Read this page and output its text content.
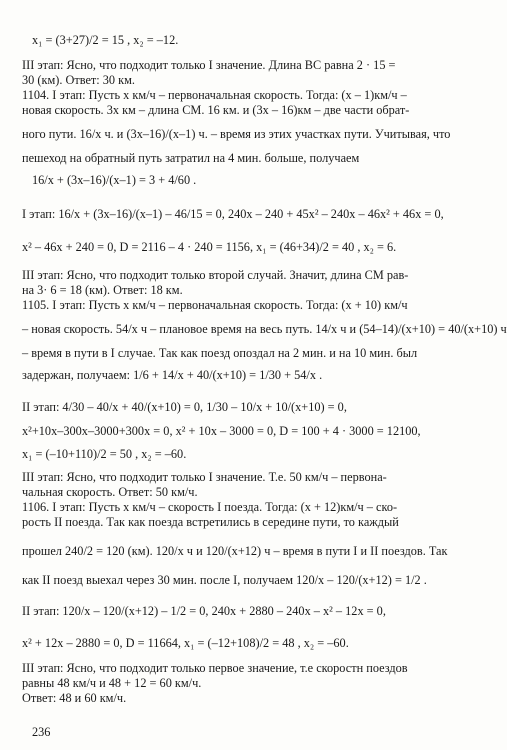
x₁ = (3+27)/2 = 15 , x₂ = –12.
III этап: Ясно, что подходит только I значение. Длина ВС равна 2 · 15 =
30 (км). Ответ: 30 км.
1104. I этап: Пусть x км/ч – первоначальная скорость. Тогда: (x – 1)км/ч –
новая скорость. 3x км – длина CM. 16 км. и (3x – 16)км – две части обрат-
ного пути. 16/x ч. и (3x–16)/(x–1) ч. – время из этих участках пути. Учитывая, что
пешеход на обратный путь затратил на 4 мин. больше, получаем
16/x + (3x–16)/(x–1) = 3 + 4/60 .
I этап: 16/x + (3x–16)/(x–1) – 46/15 = 0, 240x – 240 + 45x² – 240x – 46x² + 46x = 0,
x² – 46x + 240 = 0, D = 2116 – 4 · 240 = 1156, x₁ = (46+34)/2 = 40 , x₂ = 6.
III этап: Ясно, что подходит только второй случай. Значит, длина СМ рав-
на 3· 6 = 18 (км). Ответ: 18 км.
1105. I этап: Пусть x км/ч – первоначальная скорость. Тогда: (x + 10) км/ч
– новая скорость. 54/x ч – плановое время на весь путь. 14/x ч и (54–14)/(x+10) = 40/(x+10) ч
– время в пути в I случае. Так как поезд опоздал на 2 мин. и на 10 мин. был
задержан, получаем: 1/6 + 14/x + 40/(x+10) = 1/30 + 54/x .
II этап: 4/30 – 40/x + 40/(x+10) = 0, 1/30 – 10/x + 10/(x+10) = 0,
x²+10x–300x–3000+300x = 0, x² + 10x – 3000 = 0, D = 100 + 4 · 3000 = 12100,
x₁ = (–10+110)/2 = 50 , x₂ = –60.
III этап: Ясно, что подходит только I значение. Т.е. 50 км/ч – первона-
чальная скорость. Ответ: 50 км/ч.
1106. I этап: Пусть x км/ч – скорость I поезда. Тогда: (x + 12)км/ч – ско-
рость II поезда. Так как поезда встретились в середине пути, то каждый
прошел 240/2 = 120 (км). 120/x ч и 120/(x+12) ч – время в пути I и II поездов. Так
как II поезд выехал через 30 мин. после I, получаем 120/x – 120/(x+12) = 1/2 .
II этап: 120/x – 120/(x+12) – 1/2 = 0, 240x + 2880 – 240x – x² – 12x = 0,
x² + 12x – 2880 = 0, D = 11664, x₁ = (–12+108)/2 = 48 , x₂ = –60.
III этап: Ясно, что подходит только первое значение, т.е скоростн поездов
равны 48 км/ч и 48 + 12 = 60 км/ч.
Ответ: 48 и 60 км/ч.
236
